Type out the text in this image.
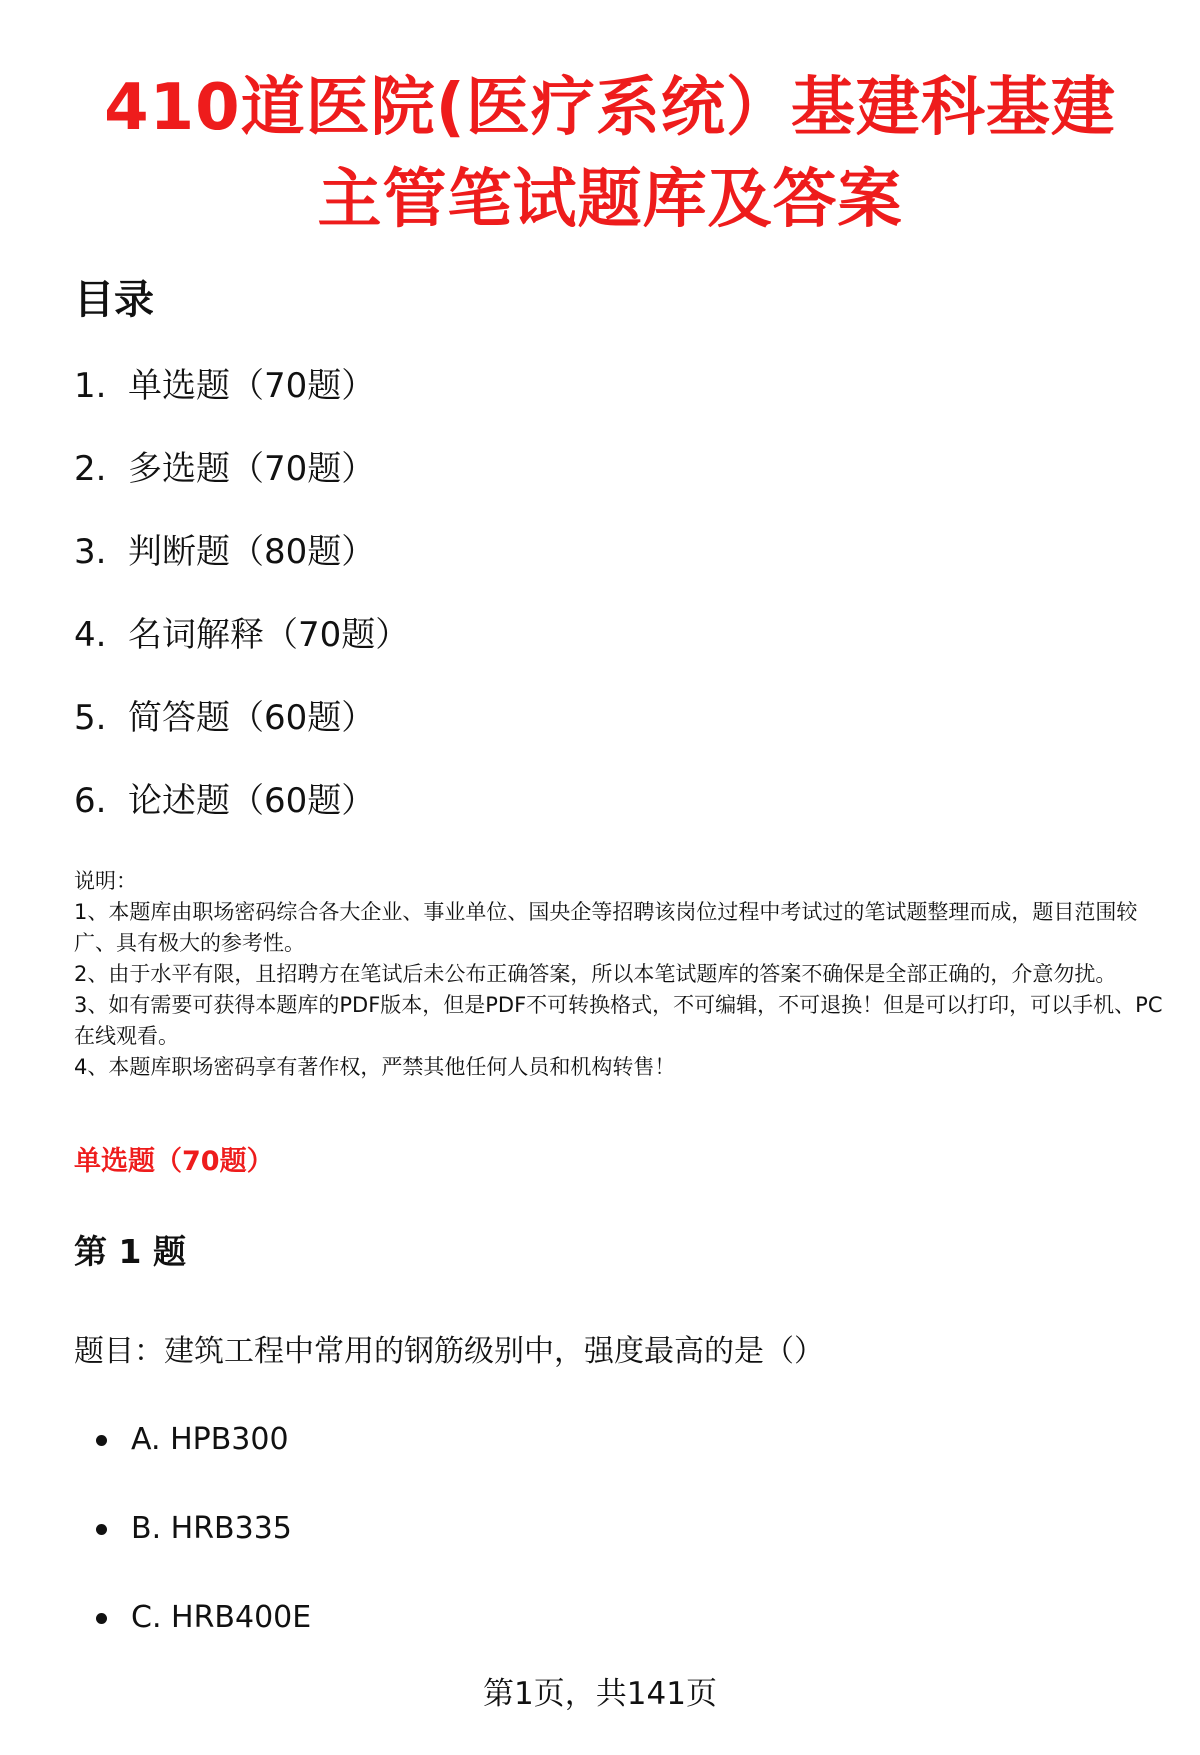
410道医院(医疗系统）基建科基建
主管笔试题库及答案
目录
1. 单选题（70题）
2. 多选题（70题）
3. 判断题（80题）
4. 名词解释（70题）
5. 简答题（60题）
6. 论述题（60题）

说明：

1、本题库由职场密码综合各大企业、事业单位、国央企等招聘该岗位过程中考试过的笔试题整理而成，题目范围较广、具有极大的参考性。

2、由于水平有限，且招聘方在笔试后未公布正确答案，所以本笔试题库的答案不确保是全部正确的，介意勿扰。

3、如有需要可获得本题库的PDF版本，但是PDF不可转换格式，不可编辑，不可退换！但是可以打印，可以手机、PC在线观看。

4、本题库职场密码享有著作权，严禁其他任何人员和机构转售！

单选题（70题）
第 1 题
题目：建筑工程中常用的钢筋级别中，强度最高的是（）
A. HPB300
B. HRB335
C. HRB400E
第1页，共141页
